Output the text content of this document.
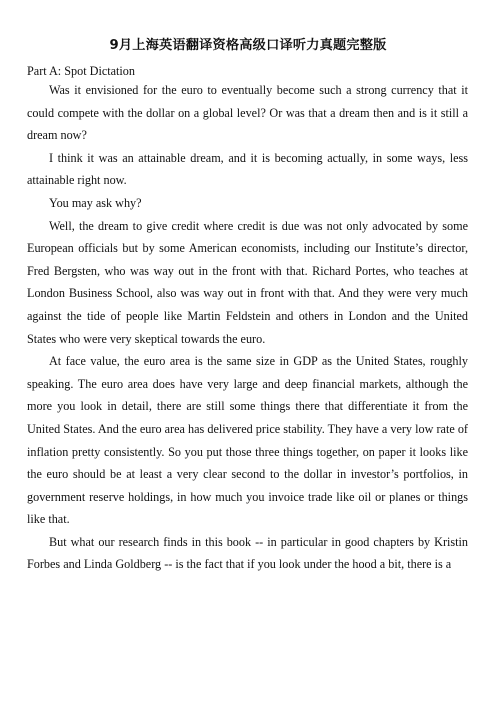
9月上海英语翻译资格高级口译听力真题完整版

Part A: Spot Dictation

Was it envisioned for the euro to eventually become such a strong currency that it could compete with the dollar on a global level? Or was that a dream then and is it still a dream now?

I think it was an attainable dream, and it is becoming actually, in some ways, less attainable right now.

You may ask why?

Well, the dream to give credit where credit is due was not only advocated by some European officials but by some American economists, including our Institute’s director, Fred Bergsten, who was way out in the front with that. Richard Portes, who teaches at London Business School, also was way out in front with that. And they were very much against the tide of people like Martin Feldstein and others in London and the United States who were very skeptical towards the euro.

At face value, the euro area is the same size in GDP as the United States, roughly speaking. The euro area does have very large and deep financial markets, although the more you look in detail, there are still some things there that differentiate it from the United States. And the euro area has delivered price stability. They have a very low rate of inflation pretty consistently. So you put those three things together, on paper it looks like the euro should be at least a very clear second to the dollar in investor’s portfolios, in government reserve holdings, in how much you invoice trade like oil or planes or things like that.

But what our research finds in this book -- in particular in good chapters by Kristin Forbes and Linda Goldberg -- is the fact that if you look under the hood a bit, there is a
